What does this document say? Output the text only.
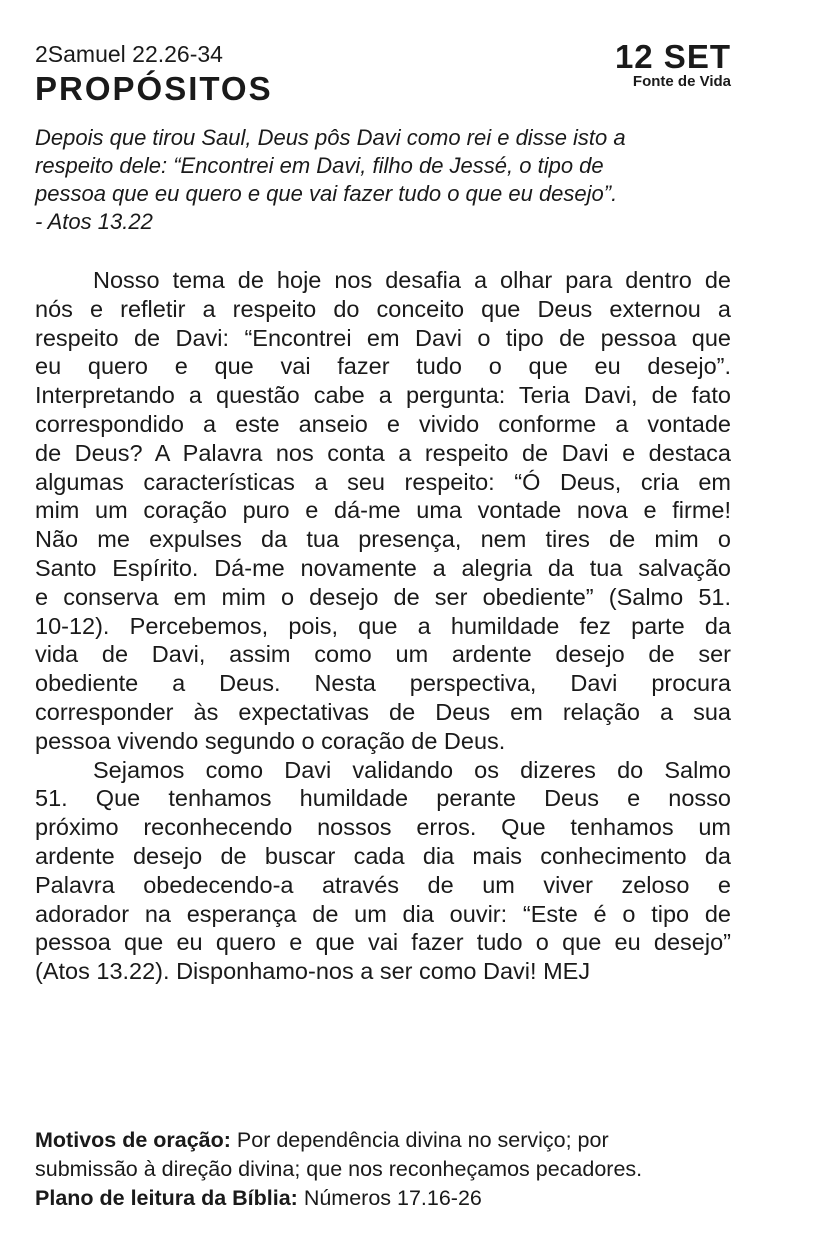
2Samuel 22.26-34
PROPÓSITOS
12 SET
Fonte de Vida
Depois que tirou Saul, Deus pôs Davi como rei e disse isto a
respeito dele: “Encontrei em Davi, filho de Jessé, o tipo de
pessoa que eu quero e que vai fazer tudo o que eu desejo”.
- Atos 13.22
Nosso tema de hoje nos desafia a olhar para dentro de
nós e refletir a respeito do conceito que Deus externou a
respeito de Davi: “Encontrei em Davi o tipo de pessoa que
eu quero e que vai fazer tudo o que eu desejo”.
Interpretando a questão cabe a pergunta: Teria Davi, de fato
correspondido a este anseio e vivido conforme a vontade
de Deus? A Palavra nos conta a respeito de Davi e destaca
algumas características a seu respeito: “Ó Deus, cria em
mim um coração puro e dá-me uma vontade nova e firme!
Não me expulses da tua presença, nem tires de mim o
Santo Espírito. Dá-me novamente a alegria da tua salvação
e conserva em mim o desejo de ser obediente” (Salmo 51.
10-12). Percebemos, pois, que a humildade fez parte da
vida de Davi, assim como um ardente desejo de ser
obediente a Deus. Nesta perspectiva, Davi procura
corresponder às expectativas de Deus em relação a sua
pessoa vivendo segundo o coração de Deus.
Sejamos como Davi validando os dizeres do Salmo
51. Que tenhamos humildade perante Deus e nosso
próximo reconhecendo nossos erros. Que tenhamos um
ardente desejo de buscar cada dia mais conhecimento da
Palavra obedecendo-a através de um viver zeloso e
adorador na esperança de um dia ouvir: “Este é o tipo de
pessoa que eu quero e que vai fazer tudo o que eu desejo”
(Atos 13.22). Disponhamo-nos a ser como Davi! MEJ
Motivos de oração: Por dependência divina no serviço; por
submissão à direção divina; que nos reconheçamos pecadores.
Plano de leitura da Bíblia: Números 17.16-26
